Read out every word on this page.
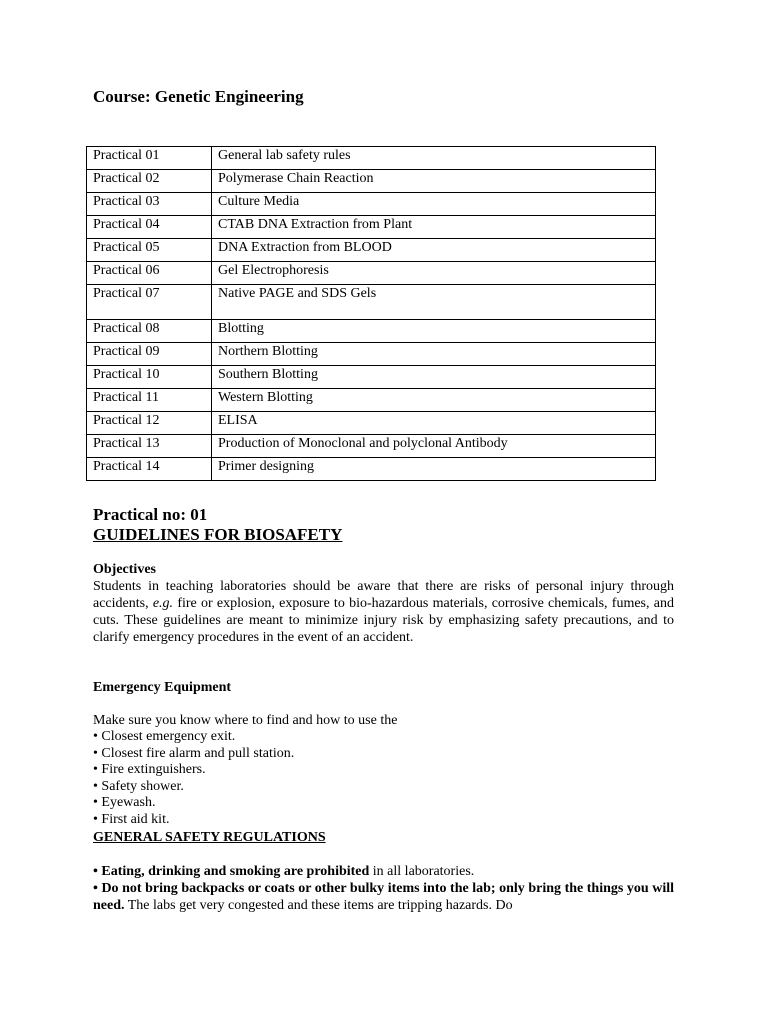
Course: Genetic Engineering
Practical 01	General lab safety rules
Practical 02	Polymerase Chain Reaction
Practical 03	Culture Media
Practical 04	CTAB DNA Extraction from Plant
Practical 05	DNA Extraction from BLOOD
Practical 06	Gel Electrophoresis
Practical 07	Native PAGE and SDS Gels
Practical 08	Blotting
Practical 09	Northern Blotting
Practical 10	Southern Blotting
Practical 11	Western Blotting
Practical 12	ELISA
Practical 13	Production of Monoclonal and polyclonal Antibody
Practical 14	Primer designing
Practical no: 01
GUIDELINES FOR BIOSAFETY
Objectives

Students in teaching laboratories should be aware that there are risks of personal injury through accidents, e.g. fire or explosion, exposure to bio-hazardous materials, corrosive chemicals, fumes, and cuts. These guidelines are meant to minimize injury risk by emphasizing safety precautions, and to clarify emergency procedures in the event of an accident.

Emergency Equipment

Make sure you know where to find and how to use the

• Closest emergency exit.
• Closest fire alarm and pull station.
• Fire extinguishers.
• Safety shower.
• Eyewash.
• First aid kit.
GENERAL SAFETY REGULATIONS

• Eating, drinking and smoking are prohibited in all laboratories.

• Do not bring backpacks or coats or other bulky items into the lab; only bring the things you will need. The labs get very congested and these items are tripping hazards. Do
